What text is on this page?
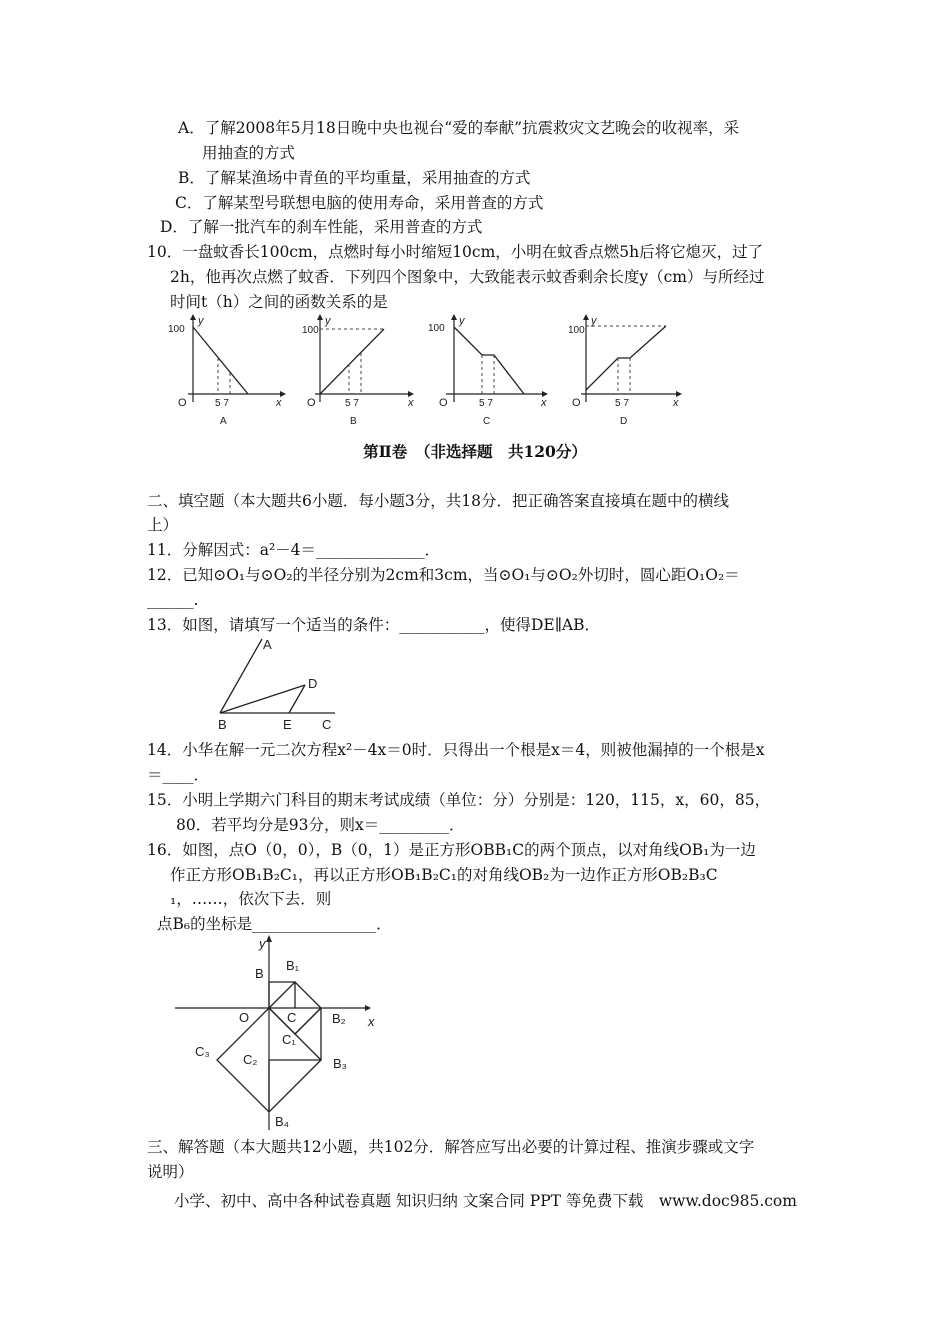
A．了解2008年5月18日晚中央也视台“爱的奉献”抗震救灾文艺晚会的收视率，采
用抽查的方式
B．了解某渔场中青鱼的平均重量，采用抽查的方式
C．了解某型号联想电脑的使用寿命，采用普查的方式
D．了解一批汽车的刹车性能，采用普查的方式
10．一盘蚊香长100cm，点燃时每小时缩短10cm，小明在蚊香点燃5h后将它熄灭，过了
2h，他再次点燃了蚊香．下列四个图象中，大致能表示蚊香剩余长度y（cm）与所经过
时间t（h）之间的函数关系的是
100
y
O	5 7	x
A
100
y
O	5 7	x
B
100
y
O	5 7	x
C
100
y
O	5 7	x
D
第Ⅱ卷　（非选择题　共120分）
二、填空题（本大题共6小题．每小题3分，共18分．把正确答案直接填在题中的横线
上）
11．分解因式：a²－4＝______________．
12．已知⊙O₁与⊙O₂的半径分别为2cm和3cm，当⊙O₁与⊙O₂外切时，圆心距O₁O₂＝
______.
13．如图，请填写一个适当的条件：___________，使得DE∥AB．
A
D
B	E C
14．小华在解一元二次方程x²－4x＝0时．只得出一个根是x＝4，则被他漏掉的一个根是x
＝____．
15．小明上学期六门科目的期末考试成绩（单位：分）分别是：120，115，x，60，85，
80．若平均分是93分，则x＝_________．
16．如图，点O（0，0），B（0，1）是正方形OBB₁C的两个顶点，以对角线OB₁为一边
作正方形OB₁B₂C₁，再以正方形OB₁B₂C₁的对角线OB₂为一边作正方形OB₂B₃C
₁，……，依次下去．则
点B₆的坐标是________________．
y
x
B
B₁
O	C	B₂
C₁
C₂
C₃
B₃
B₄
三、解答题（本大题共12小题，共102分．解答应写出必要的计算过程、推演步骤或文字
说明）
小学、初中、高中各种试卷真题 知识归纳 文案合同 PPT 等免费下载　www.doc985.com
